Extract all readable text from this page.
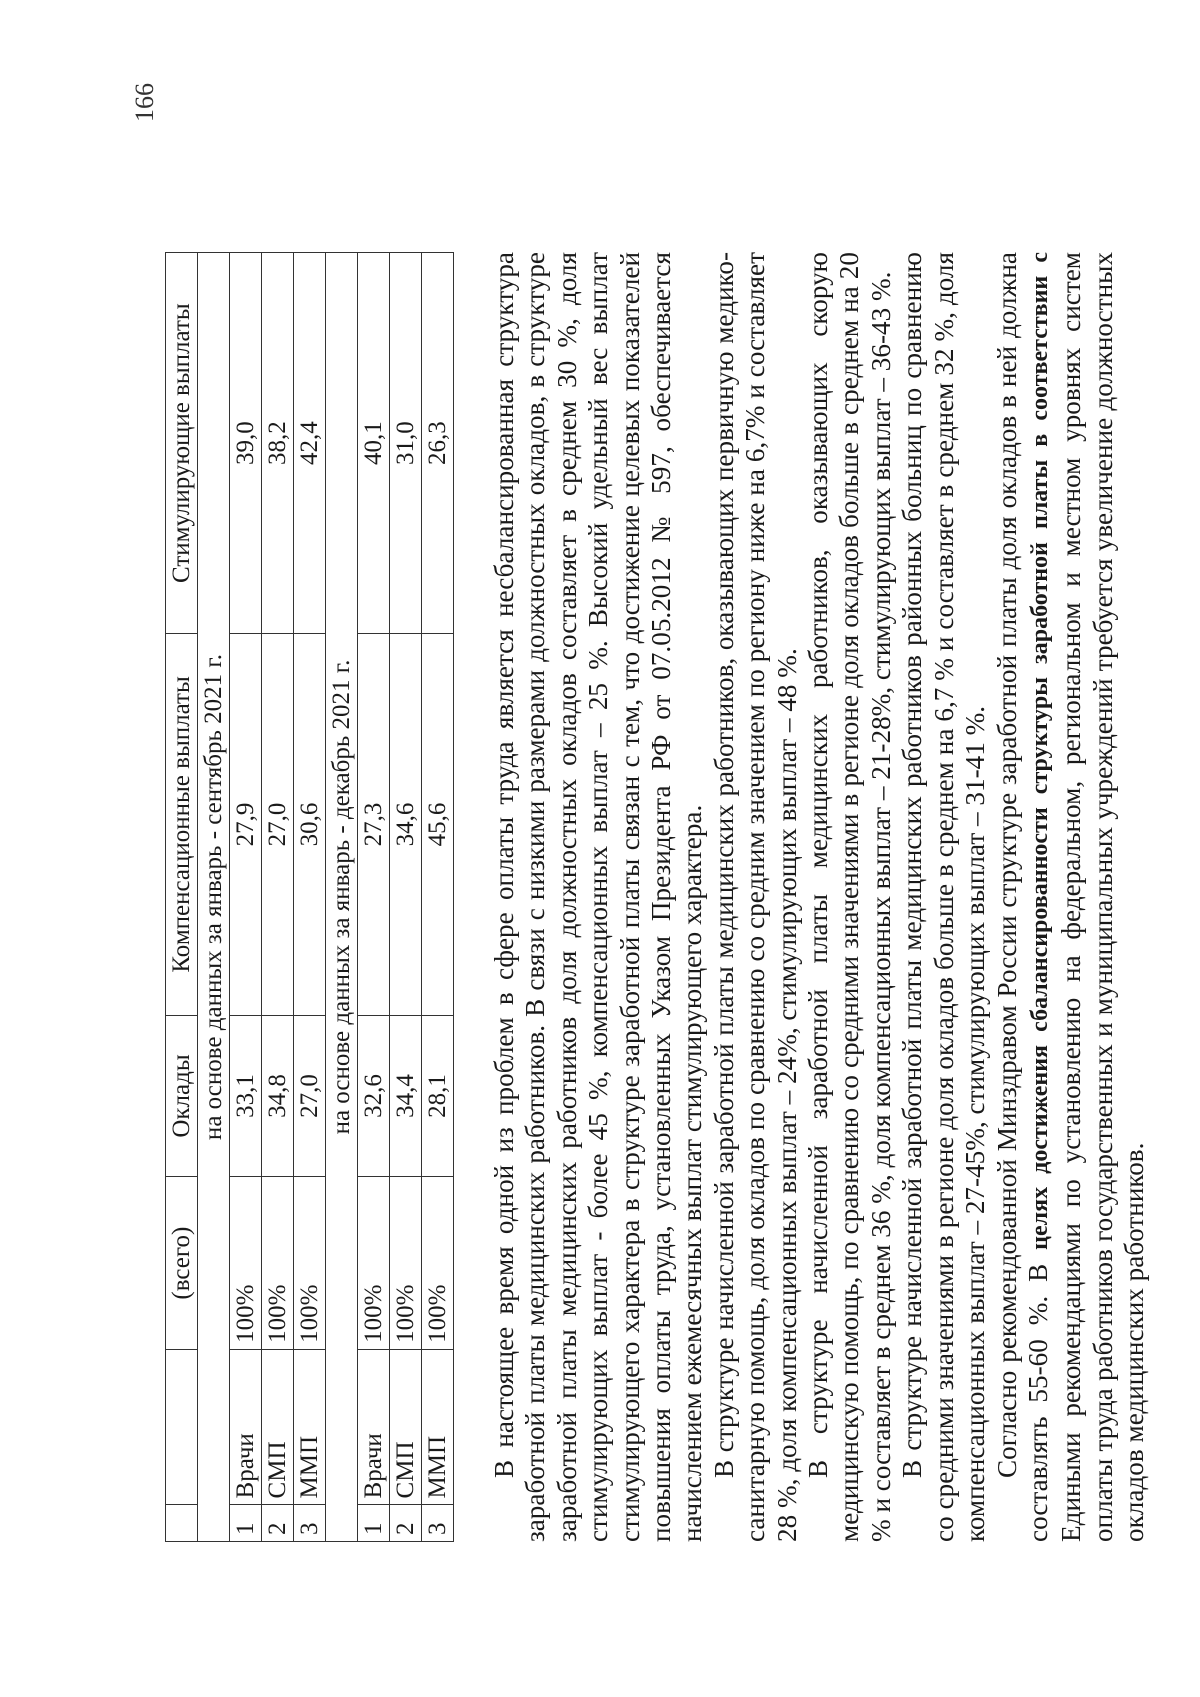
		(всего)	Оклады	Компенсационные выплаты	Стимулирующие выплаты
на основе данных за январь - сентябрь 2021 г.					
1	Врачи	100%	33,1	27,9	39,0
2	СМП	100%	34,8	27,0	38,2
3	ММП	100%	27,0	30,6	42,4
на основе данных за январь - декабрь 2021 г.					
1	Врачи	100%	32,6	27,3	40,1
2	СМП	100%	34,4	34,6	31,0
3	ММП	100%	28,1	45,6	26,3 В настоящее время одной из проблем в сфере оплаты труда является несбалансированная структура заработной платы медицинских работников. В связи с низкими размерами должностных окладов, в структуре заработной платы медицинских работников доля должностных окладов составляет в среднем 30 %, доля стимулирующих выплат - более 45 %, компенсационных выплат – 25 %. Высокий удельный вес выплат стимулирующего характера в структуре заработной платы связан с тем, что достижение целевых показателей повышения оплаты труда, установленных Указом Президента РФ от 07.05.2012 № 597, обеспечивается начислением ежемесячных выплат стимулирующего характера. В структуре начисленной заработной платы медицинских работников, оказывающих первичную медико-санитарную помощь, доля окладов по сравнению со средним значением по региону ниже на 6,7% и составляет 28 %, доля компенсационных выплат – 24%, стимулирующих выплат – 48 %. В структуре начисленной заработной платы медицинских работников, оказывающих скорую медицинскую помощь, по сравнению со средними значениями в регионе доля окладов больше в среднем на 20 % и составляет в среднем 36 %, доля компенсационных выплат – 21-28%, стимулирующих выплат – 36-43 %. В структуре начисленной заработной платы медицинских работников районных больниц по сравнению со средними значениями в регионе доля окладов больше в среднем на 6,7 % и составляет в среднем 32 %, доля компенсационных выплат – 27-45%, стимулирующих выплат – 31-41 %. Согласно рекомендованной Минздравом России структуре заработной платы доля окладов в ней должна составлять 55-60 %. В целях достижения сбалансированности структуры заработной платы в соответствии с Едиными рекомендациями по установлению на федеральном, региональном и местном уровнях систем оплаты труда работников государственных и муниципальных учреждений требуется увеличение должностных окладов медицинских работников.

166
